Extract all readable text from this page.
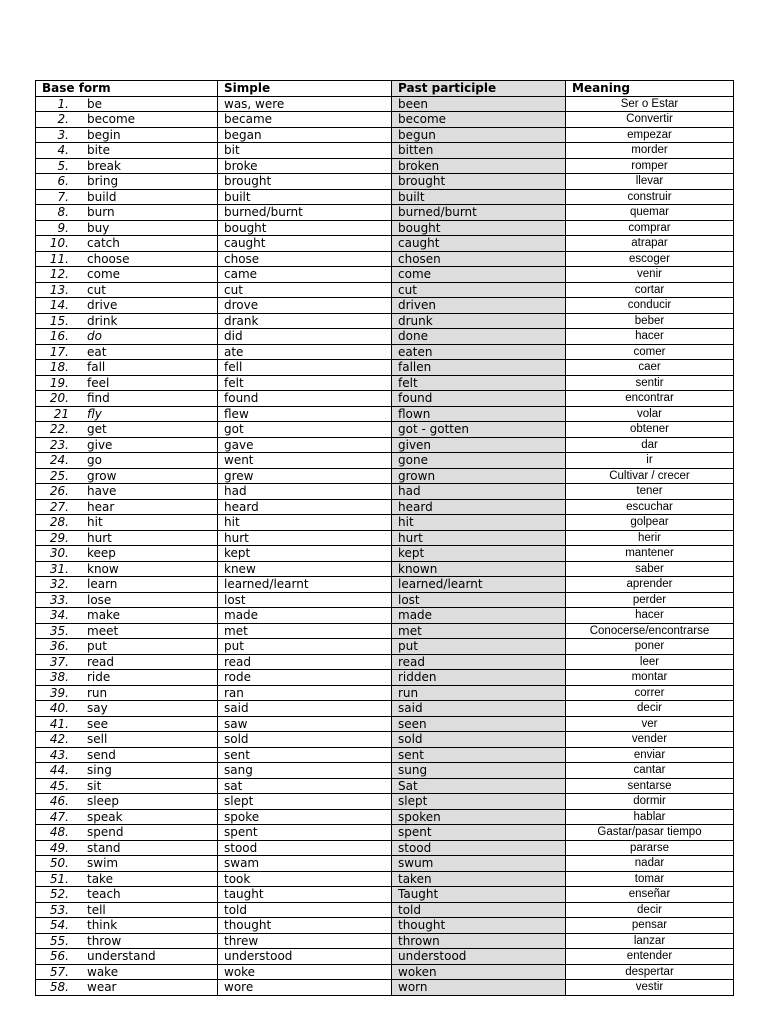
Base form	Simple	Past participle	Meaning
1. be	was, were	been	Ser o Estar
2. become	became	become	Convertir
3. begin	began	begun	empezar
4. bite	bit	bitten	morder
5. break	broke	broken	romper
6. bring	brought	brought	llevar
7. build	built	built	construir
8. burn	burned/burnt	burned/burnt	quemar
9. buy	bought	bought	comprar
10. catch	caught	caught	atrapar
11. choose	chose	chosen	escoger
12. come	came	come	venir
13. cut	cut	cut	cortar
14. drive	drove	driven	conducir
15. drink	drank	drunk	beber
16. do	did	done	hacer
17. eat	ate	eaten	comer
18. fall	fell	fallen	caer
19. feel	felt	felt	sentir
20. find	found	found	encontrar
21 fly	flew	flown	volar
22. get	got	got - gotten	obtener
23. give	gave	given	dar
24. go	went	gone	ir
25. grow	grew	grown	Cultivar / crecer
26. have	had	had	tener
27. hear	heard	heard	escuchar
28. hit	hit	hit	golpear
29. hurt	hurt	hurt	herir
30. keep	kept	kept	mantener
31. know	knew	known	saber
32. learn	learned/learnt	learned/learnt	aprender
33. lose	lost	lost	perder
34. make	made	made	hacer
35. meet	met	met	Conocerse/encontrarse
36. put	put	put	poner
37. read	read	read	leer
38. ride	rode	ridden	montar
39. run	ran	run	correr
40. say	said	said	decir
41. see	saw	seen	ver
42. sell	sold	sold	vender
43. send	sent	sent	enviar
44. sing	sang	sung	cantar
45. sit	sat	Sat	sentarse
46. sleep	slept	slept	dormir
47. speak	spoke	spoken	hablar
48. spend	spent	spent	Gastar/pasar tiempo
49. stand	stood	stood	pararse
50. swim	swam	swum	nadar
51. take	took	taken	tomar
52. teach	taught	Taught	enseñar
53. tell	told	told	decir
54. think	thought	thought	pensar
55. throw	threw	thrown	lanzar
56. understand	understood	understood	entender
57. wake	woke	woken	despertar
58. wear	wore	worn	vestir
